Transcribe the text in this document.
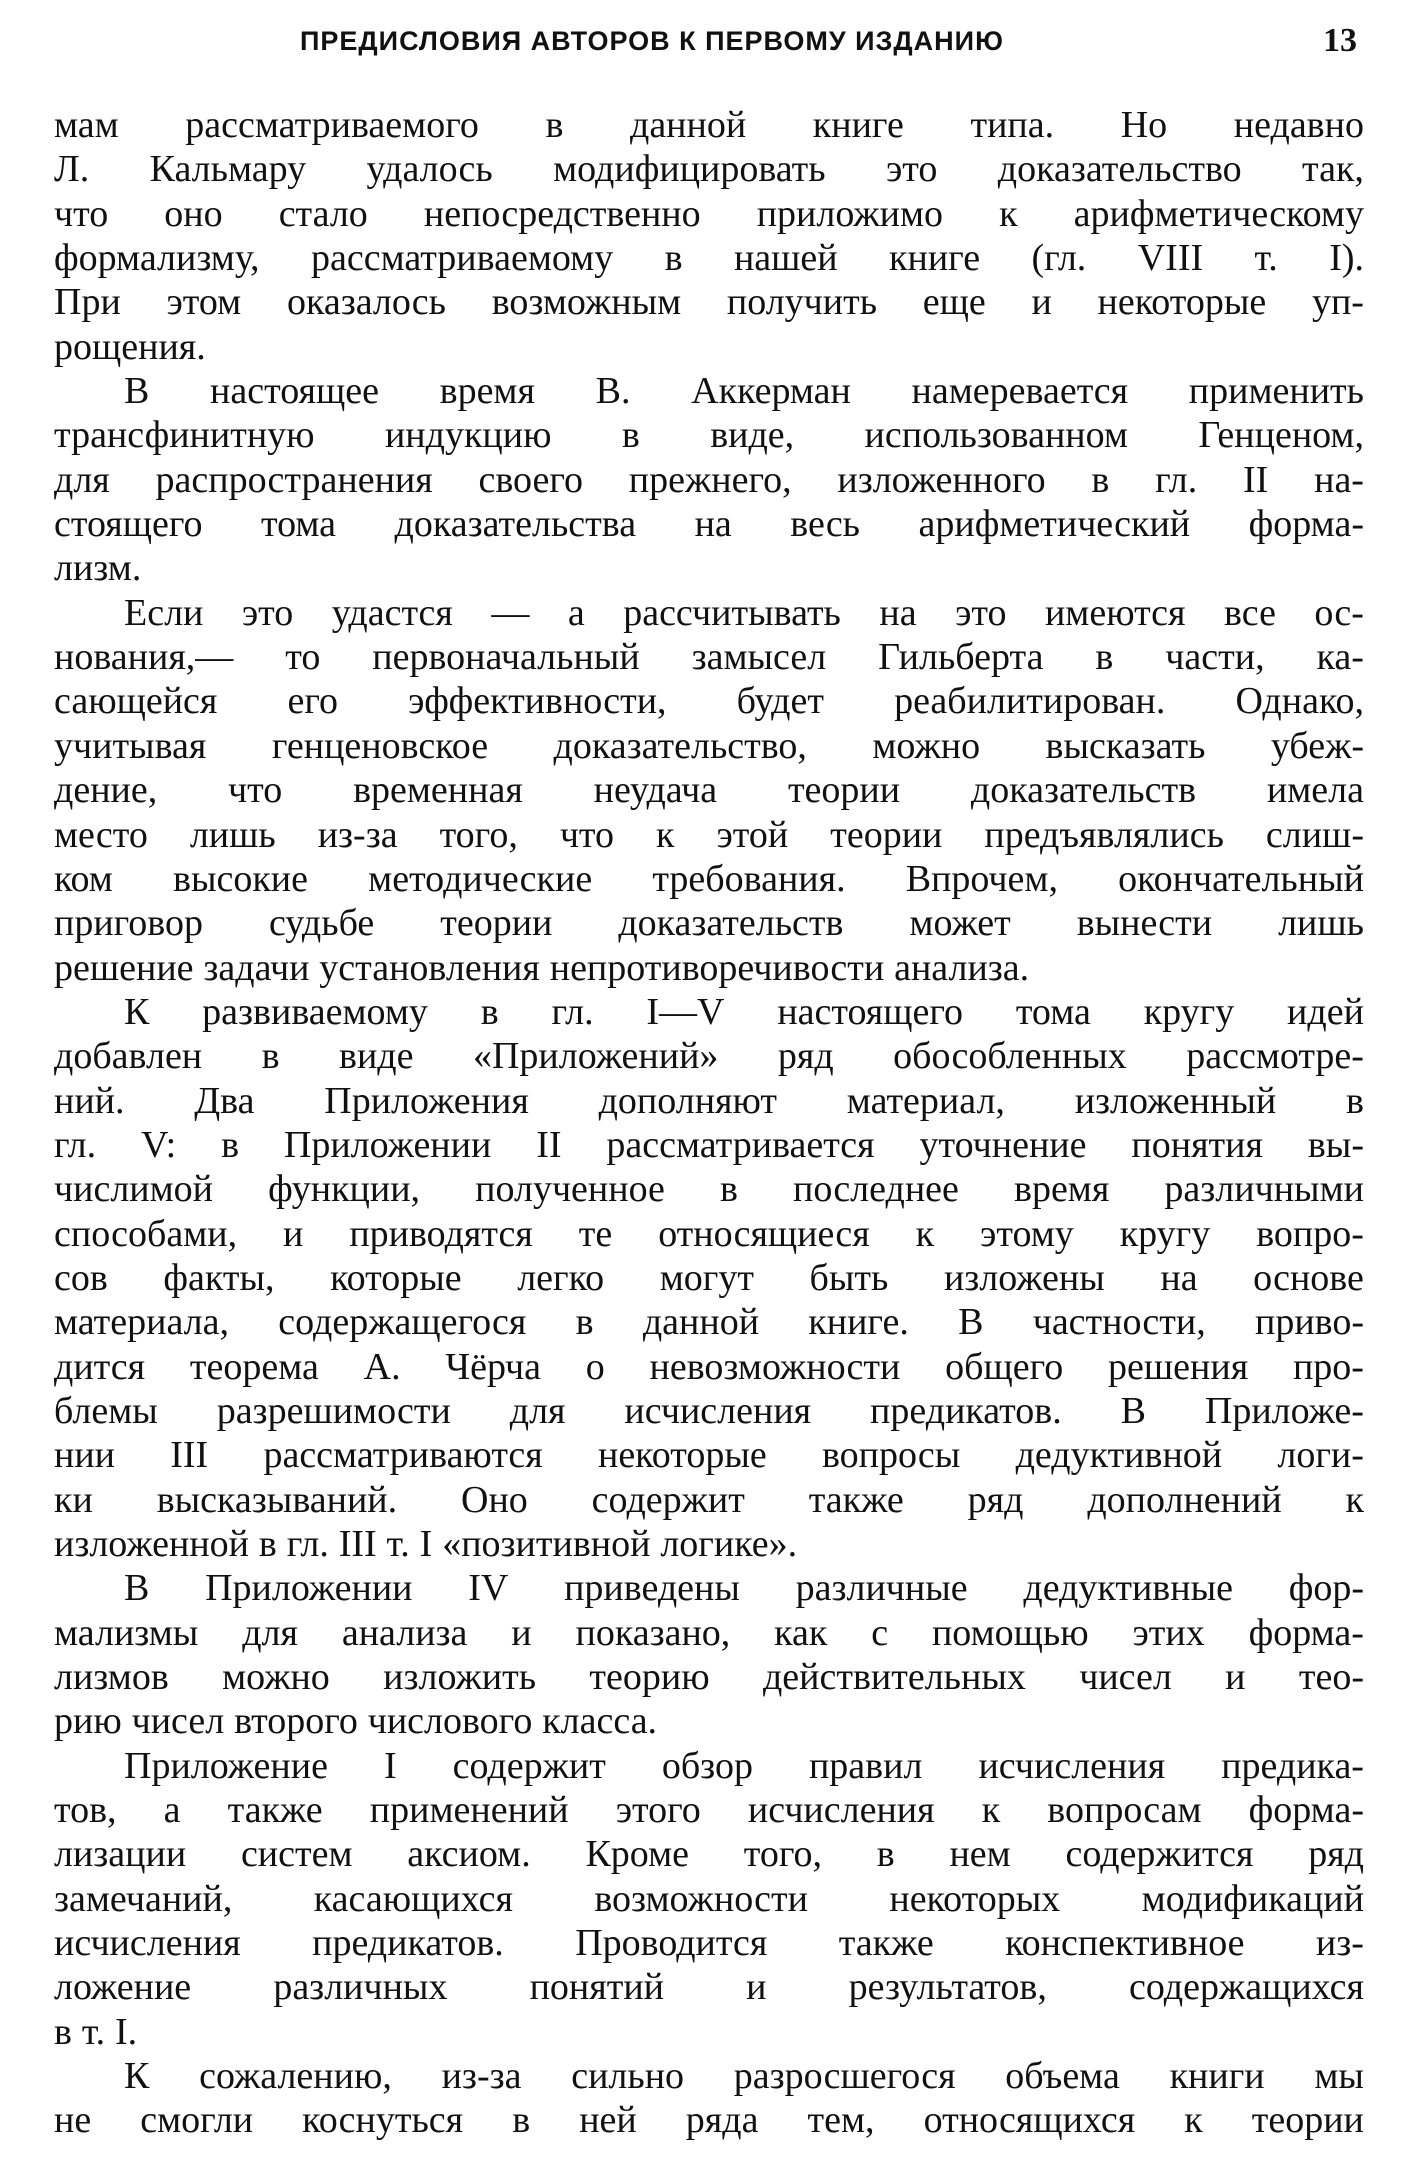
ПРЕДИСЛОВИЯ АВТОРОВ К ПЕРВОМУ ИЗДАНИЮ	13
мам рассматриваемого в данной книге типа. Но недавно
Л. Кальмару удалось модифицировать это доказательство так,
что оно стало непосредственно приложимо к арифметическому
формализму, рассматриваемому в нашей книге (гл. VIII т. I).
При этом оказалось возможным получить еще и некоторые уп-
рощения.
В настоящее время В. Аккерман намеревается применить
трансфинитную индукцию в виде, использованном Генценом,
для распространения своего прежнего, изложенного в гл. II на-
стоящего тома доказательства на весь арифметический форма-
лизм.
Если это удастся — а рассчитывать на это имеются все ос-
нования,— то первоначальный замысел Гильберта в части, ка-
сающейся его эффективности, будет реабилитирован. Однако,
учитывая генценовское доказательство, можно высказать убеж-
дение, что временная неудача теории доказательств имела
место лишь из-за того, что к этой теории предъявлялись слиш-
ком высокие методические требования. Впрочем, окончательный
приговор судьбе теории доказательств может вынести лишь
решение задачи установления непротиворечивости анализа.
К развиваемому в гл. I—V настоящего тома кругу идей
добавлен в виде «Приложений» ряд обособленных рассмотре-
ний. Два Приложения дополняют материал, изложенный в
гл. V: в Приложении II рассматривается уточнение понятия вы-
числимой функции, полученное в последнее время различными
способами, и приводятся те относящиеся к этому кругу вопро-
сов факты, которые легко могут быть изложены на основе
материала, содержащегося в данной книге. В частности, приво-
дится теорема А. Чёрча о невозможности общего решения про-
блемы разрешимости для исчисления предикатов. В Приложе-
нии III рассматриваются некоторые вопросы дедуктивной логи-
ки высказываний. Оно содержит также ряд дополнений к
изложенной в гл. III т. I «позитивной логике».
В Приложении IV приведены различные дедуктивные фор-
мализмы для анализа и показано, как с помощью этих форма-
лизмов можно изложить теорию действительных чисел и тео-
рию чисел второго числового класса.
Приложение I содержит обзор правил исчисления предика-
тов, а также применений этого исчисления к вопросам форма-
лизации систем аксиом. Кроме того, в нем содержится ряд
замечаний, касающихся возможности некоторых модификаций
исчисления предикатов. Проводится также конспективное из-
ложение различных понятий и результатов, содержащихся
в т. I.
К сожалению, из-за сильно разросшегося объема книги мы
не смогли коснуться в ней ряда тем, относящихся к теории
